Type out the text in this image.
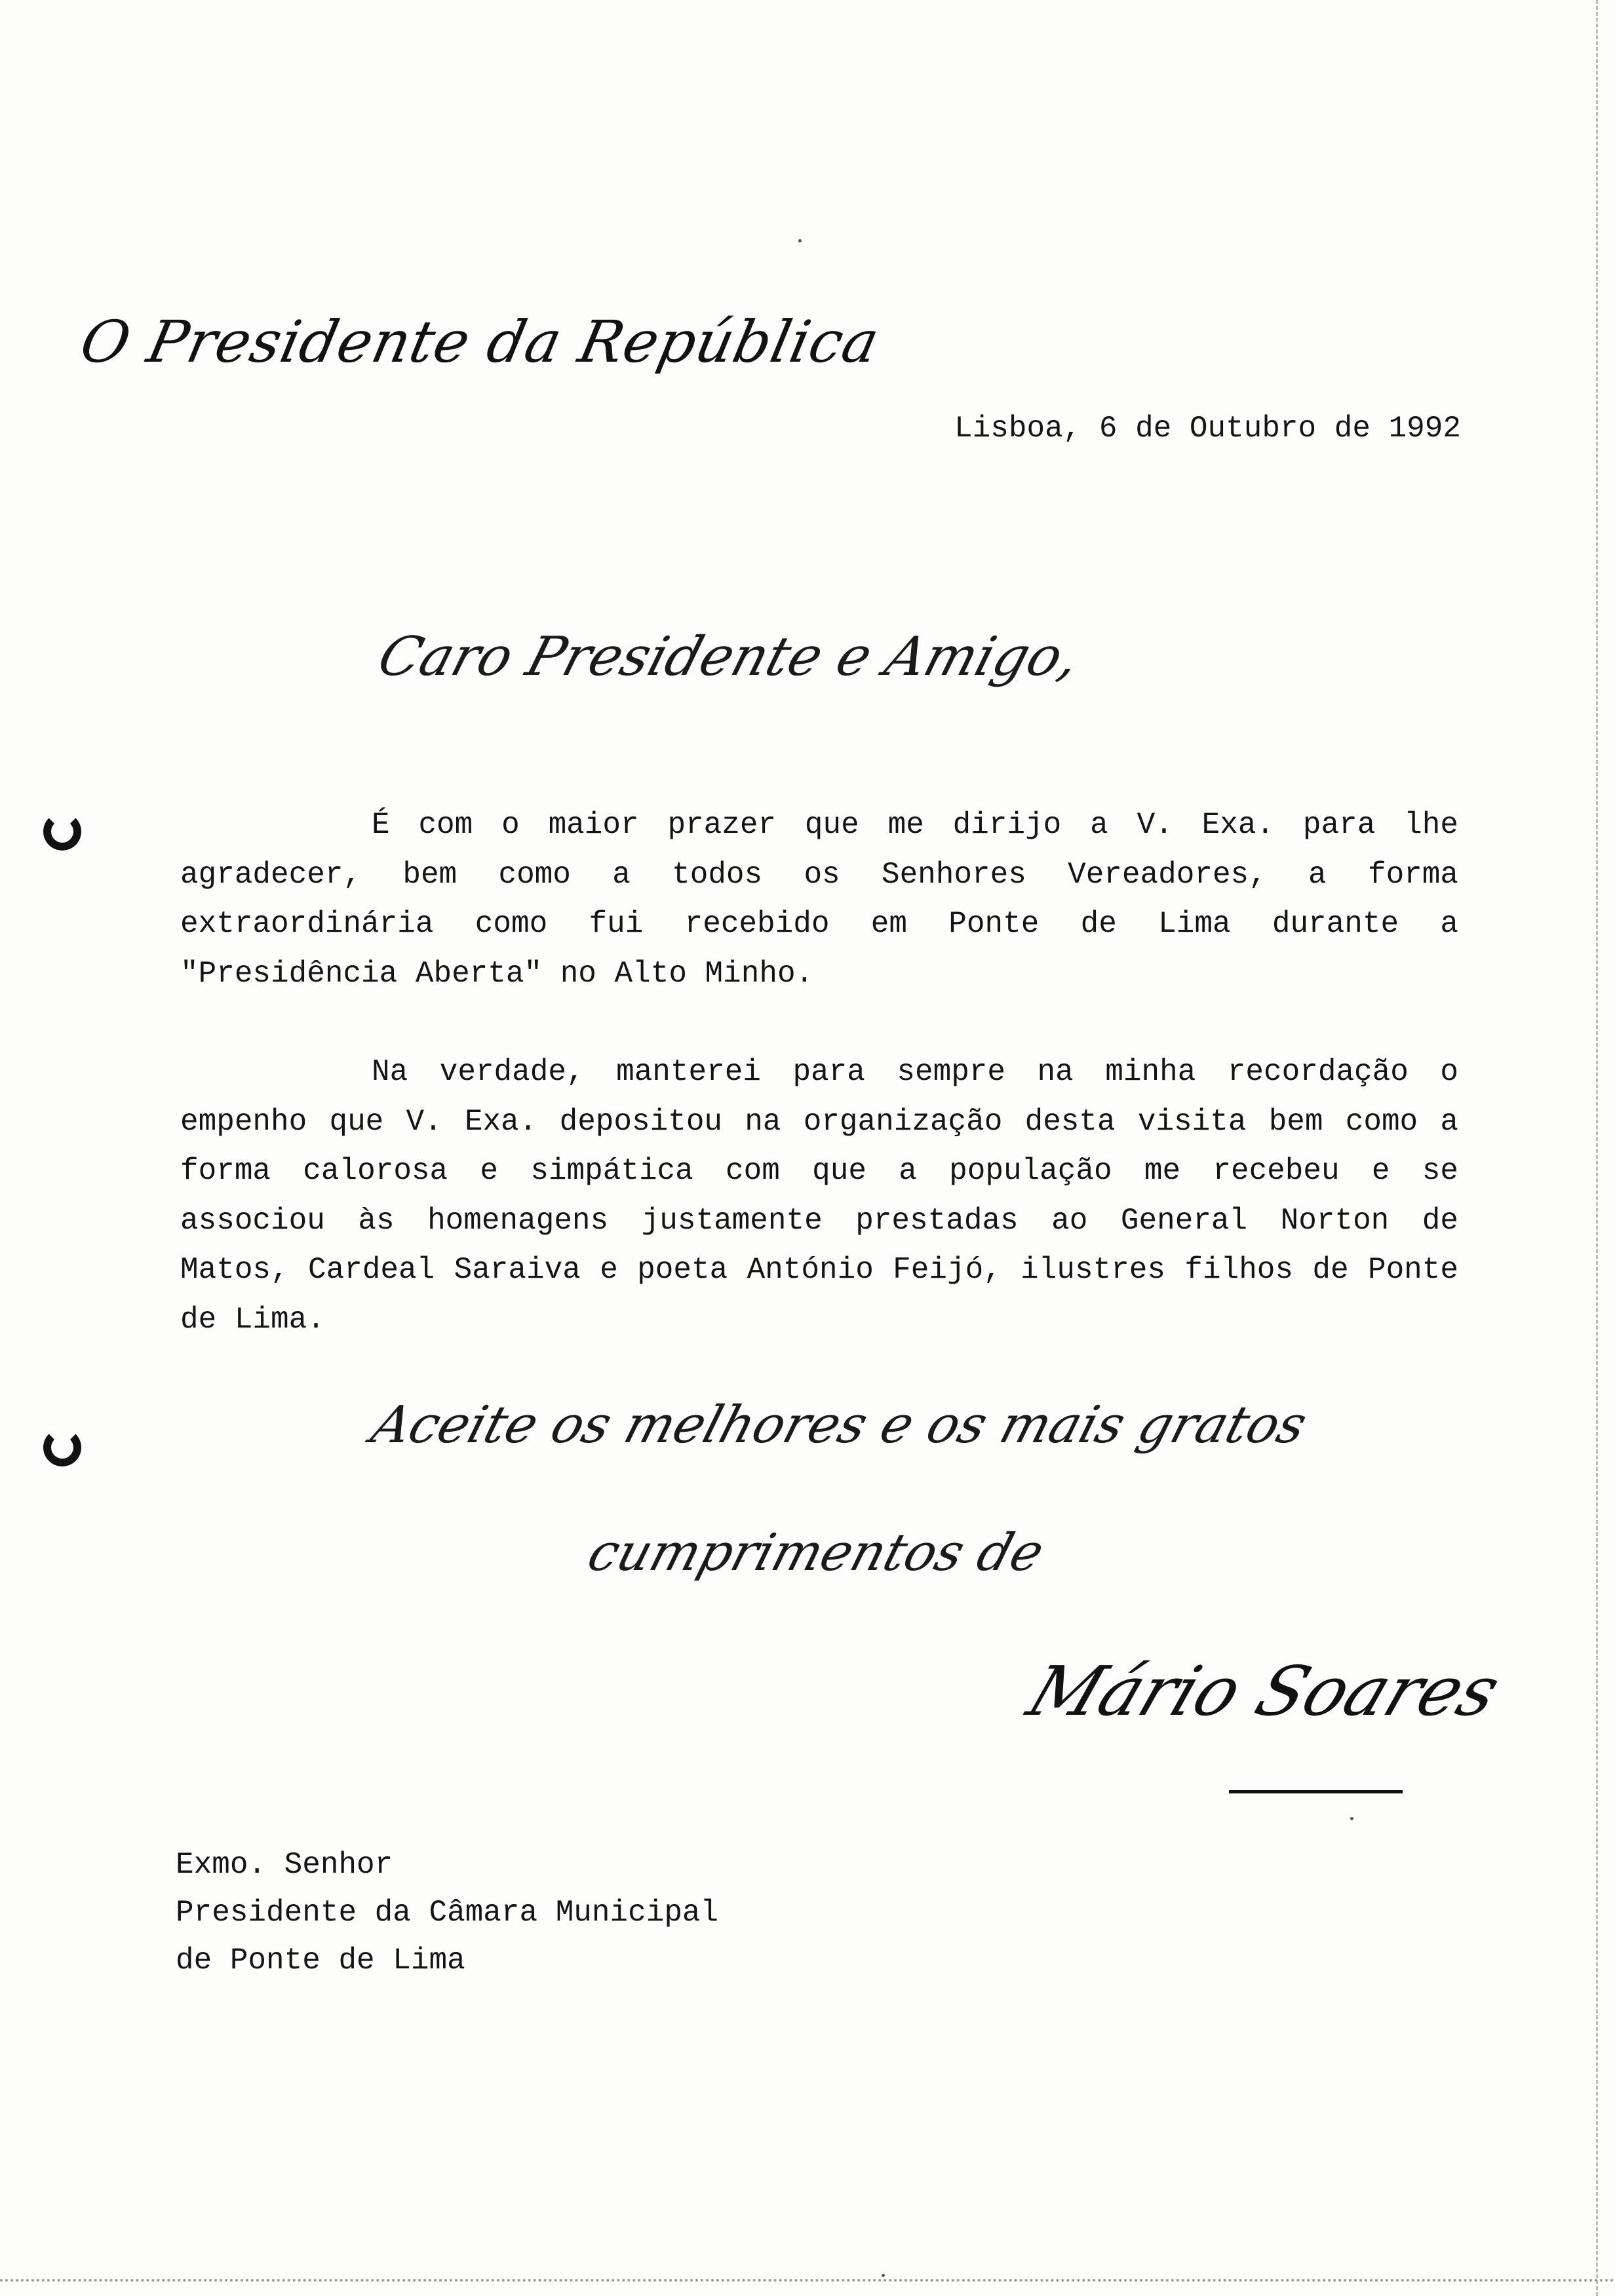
O Presidente da República
Lisboa, 6 de Outubro de 1992
Caro Presidente e Amigo,

É com o maior prazer que me dirijo a V. Exa. para lhe agradecer, bem como a todos os Senhores Vereadores, a forma extraordinária como fui recebido em Ponte de Lima durante a "Presidência Aberta" no Alto Minho.

Na verdade, manterei para sempre na minha recordação o empenho que V. Exa. depositou na organização desta visita bem como a forma calorosa e simpática com que a população me recebeu e se associou às homenagens justamente prestadas ao General Norton de Matos, Cardeal Saraiva e poeta António Feijó, ilustres filhos de Ponte de Lima.

Aceite os melhores e os mais gratos
cumprimentos de
Mário Soares
Exmo. Senhor
Presidente da Câmara Municipal
de Ponte de Lima
